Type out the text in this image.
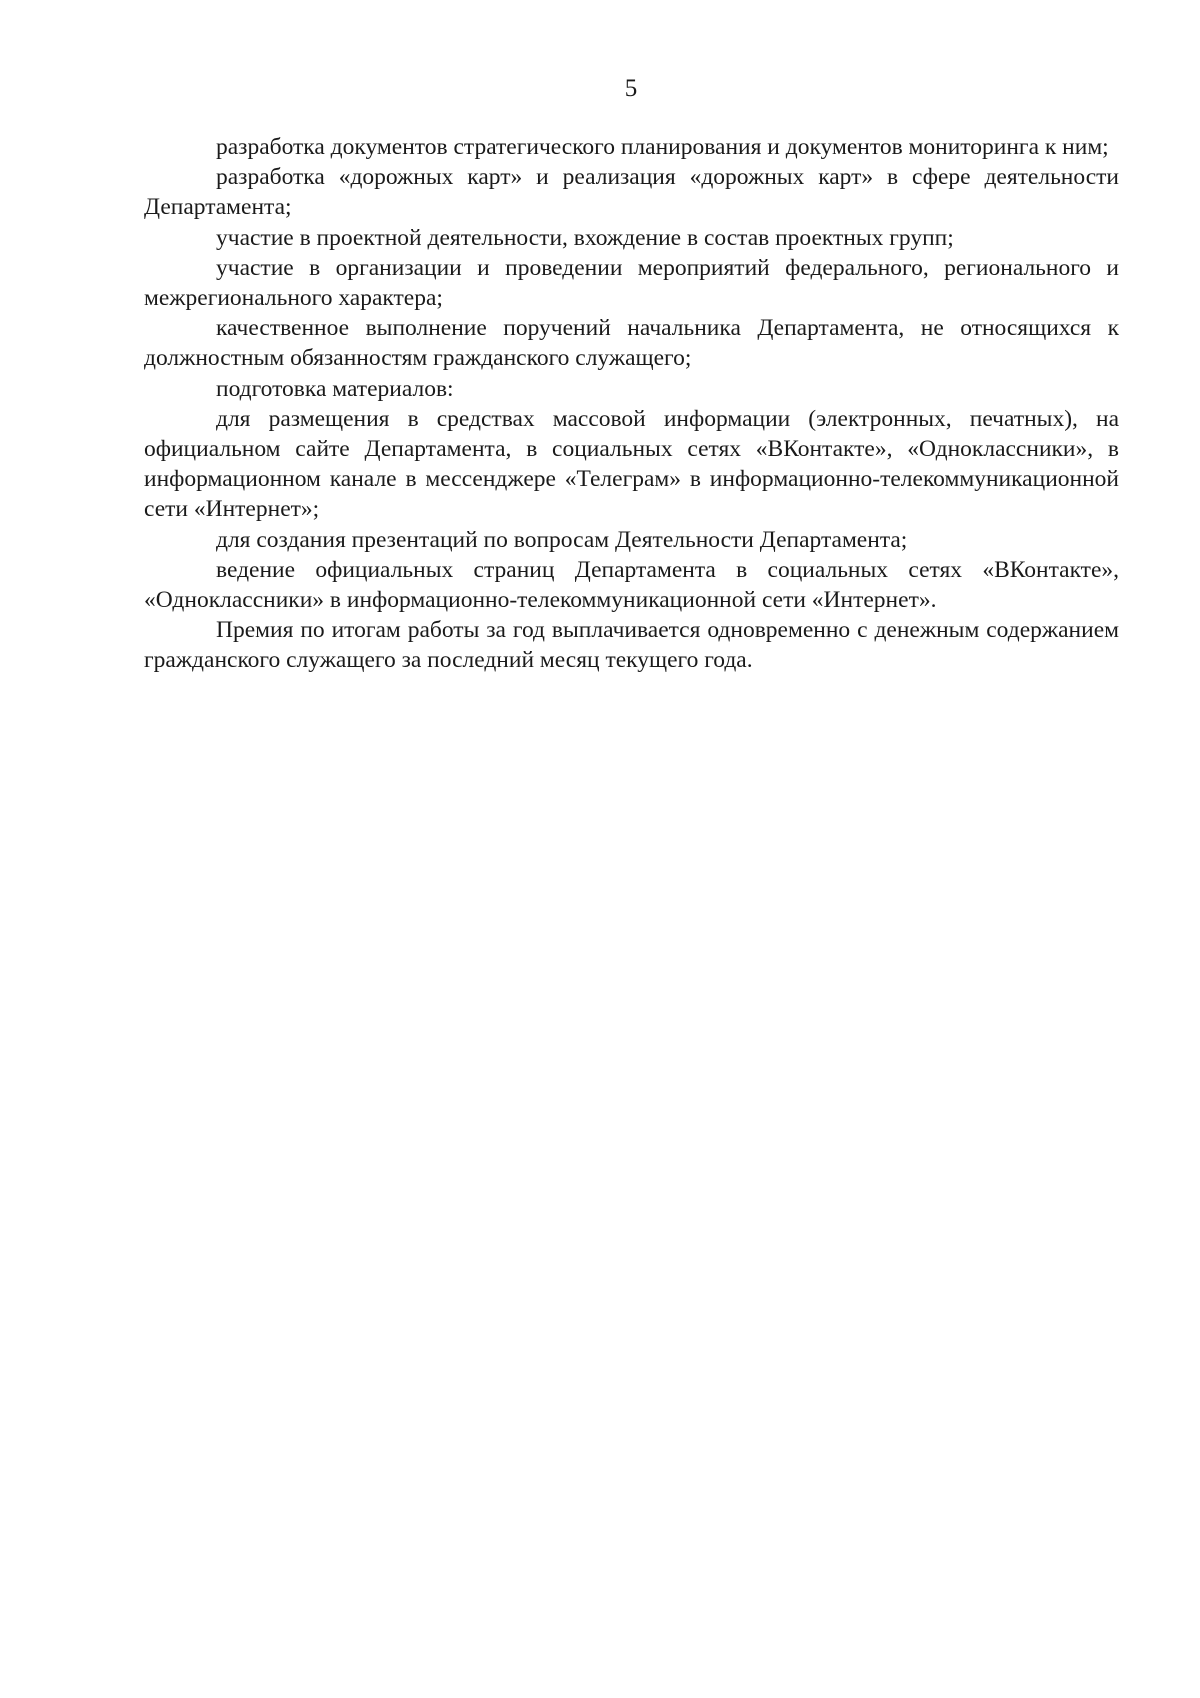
5

разработка документов стратегического планирования и документов мониторинга к ним;

разработка «дорожных карт» и реализация «дорожных карт» в сфере деятельности Департамента;

участие в проектной деятельности, вхождение в состав проектных групп;

участие в организации и проведении мероприятий федерального, регионального и межрегионального характера;

качественное выполнение поручений начальника Департамента, не относящихся к должностным обязанностям гражданского служащего;

подготовка материалов:

для размещения в средствах массовой информации (электронных, печатных), на официальном сайте Департамента, в социальных сетях «ВКонтакте», «Одноклассники», в информационном канале в мессенджере «Телеграм» в информационно-телекоммуникационной сети «Интернет»;

для создания презентаций по вопросам Деятельности Департамента;

ведение официальных страниц Департамента в социальных сетях «ВКонтакте», «Одноклассники» в информационно-телекоммуникационной сети «Интернет».

Премия по итогам работы за год выплачивается одновременно с денежным содержанием гражданского служащего за последний месяц текущего года.
